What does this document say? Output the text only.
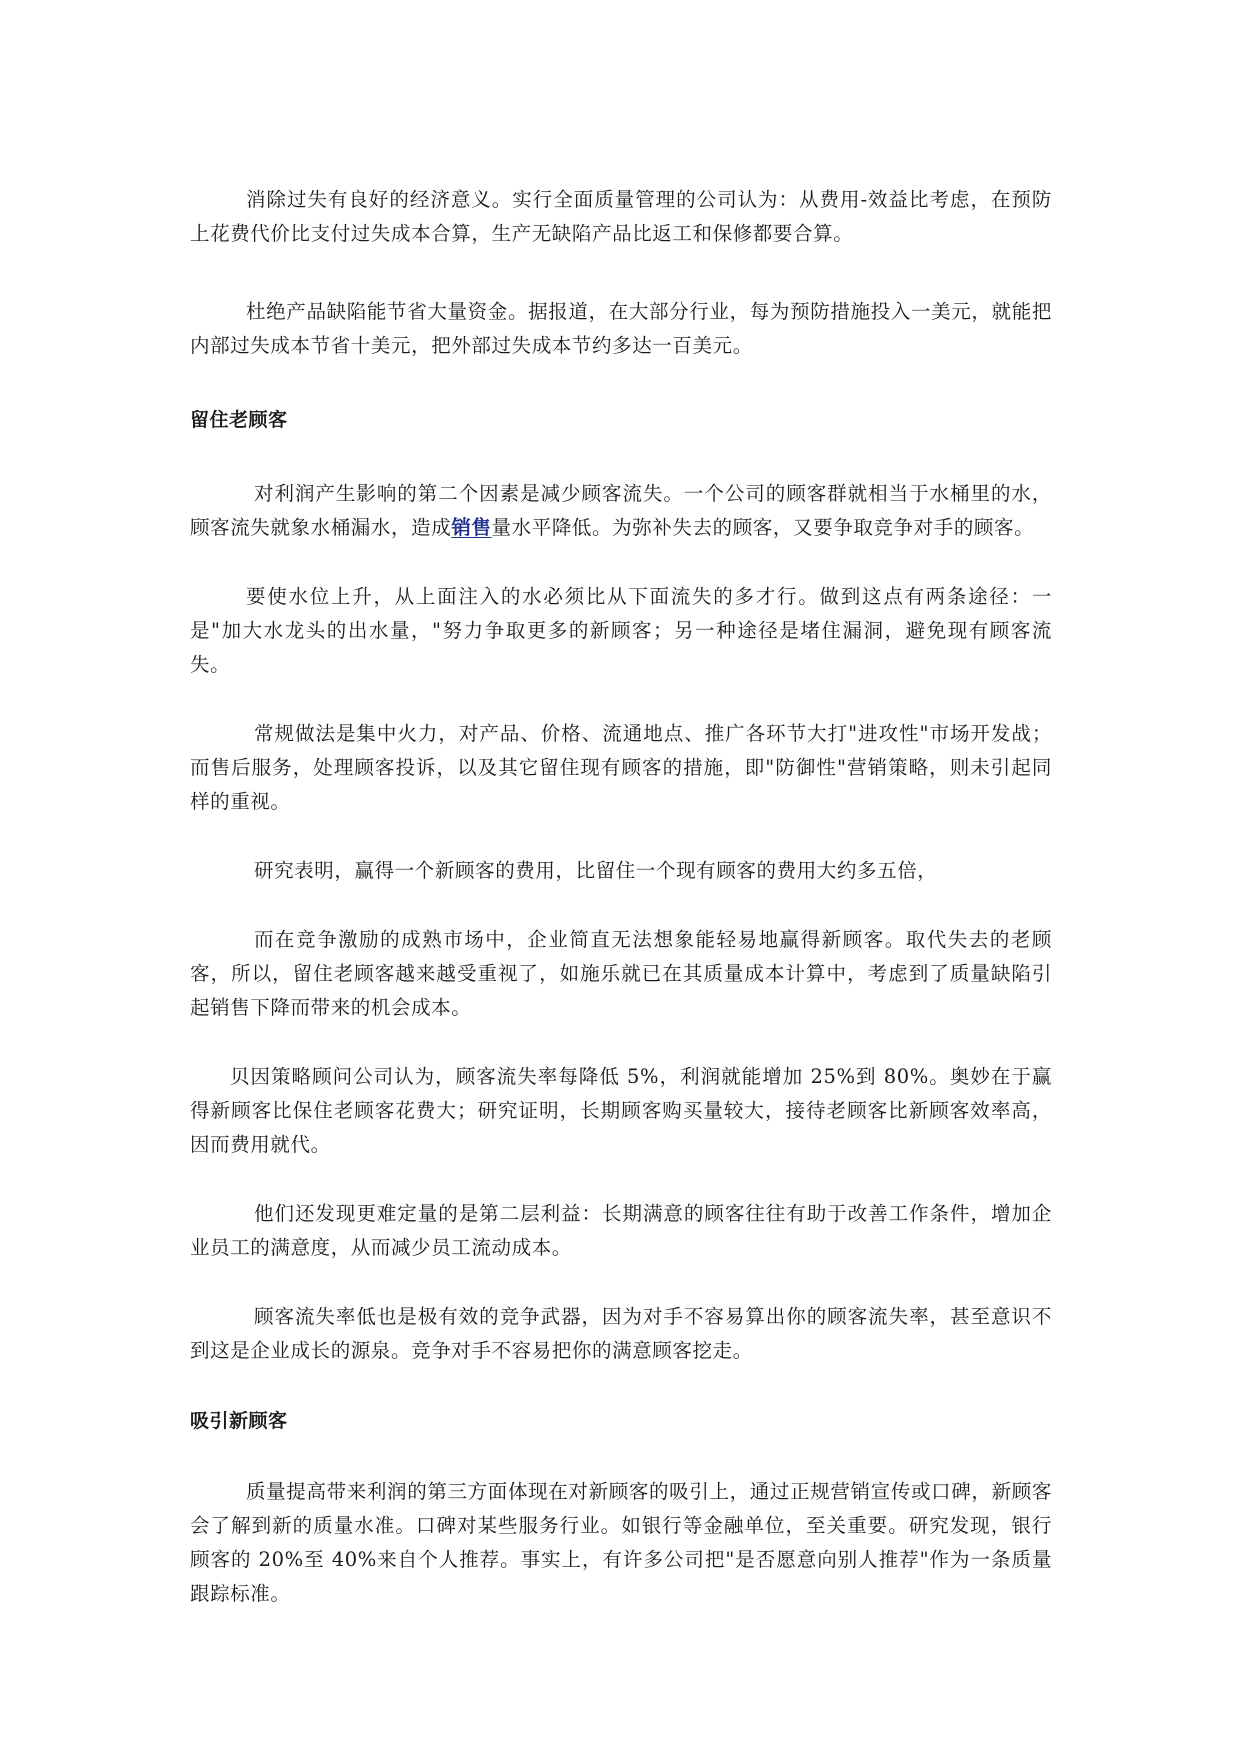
消除过失有良好的经济意义。实行全面质量管理的公司认为：从费用-效益比考虑，在预防上花费代价比支付过失成本合算，生产无缺陷产品比返工和保修都要合算。

杜绝产品缺陷能节省大量资金。据报道，在大部分行业，每为预防措施投入一美元，就能把内部过失成本节省十美元，把外部过失成本节约多达一百美元。

留住老顾客

对利润产生影响的第二个因素是减少顾客流失。一个公司的顾客群就相当于水桶里的水，顾客流失就象水桶漏水，造成销售量水平降低。为弥补失去的顾客，又要争取竞争对手的顾客。

要使水位上升，从上面注入的水必须比从下面流失的多才行。做到这点有两条途径：一是"加大水龙头的出水量，"努力争取更多的新顾客；另一种途径是堵住漏洞，避免现有顾客流失。

常规做法是集中火力，对产品、价格、流通地点、推广各环节大打"进攻性"市场开发战；而售后服务，处理顾客投诉，以及其它留住现有顾客的措施，即"防御性"营销策略，则未引起同样的重视。

研究表明，赢得一个新顾客的费用，比留住一个现有顾客的费用大约多五倍，

而在竞争激励的成熟市场中，企业简直无法想象能轻易地赢得新顾客。取代失去的老顾客，所以，留住老顾客越来越受重视了，如施乐就已在其质量成本计算中，考虑到了质量缺陷引起销售下降而带来的机会成本。

贝因策略顾问公司认为，顾客流失率每降低 5%，利润就能增加 25%到 80%。奥妙在于赢得新顾客比保住老顾客花费大；研究证明，长期顾客购买量较大，接待老顾客比新顾客效率高，因而费用就代。

他们还发现更难定量的是第二层利益：长期满意的顾客往往有助于改善工作条件，增加企业员工的满意度，从而减少员工流动成本。

顾客流失率低也是极有效的竞争武器，因为对手不容易算出你的顾客流失率，甚至意识不到这是企业成长的源泉。竞争对手不容易把你的满意顾客挖走。

吸引新顾客

质量提高带来利润的第三方面体现在对新顾客的吸引上，通过正规营销宣传或口碑，新顾客会了解到新的质量水准。口碑对某些服务行业。如银行等金融单位，至关重要。研究发现，银行顾客的 20%至 40%来自个人推荐。事实上，有许多公司把"是否愿意向别人推荐"作为一条质量跟踪标准。
